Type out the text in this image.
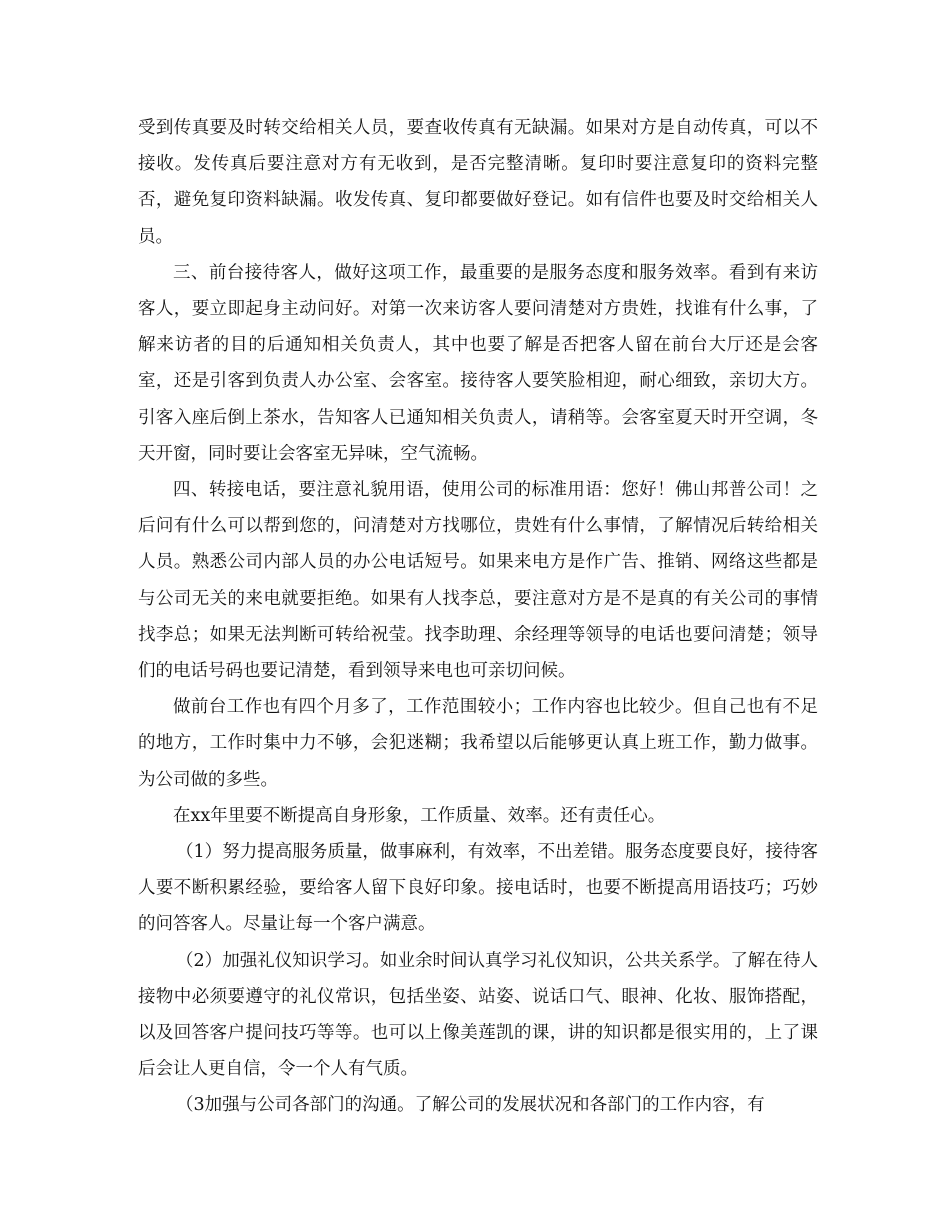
受到传真要及时转交给相关人员，要查收传真有无缺漏。如果对方是自动传真，可以不接收。发传真后要注意对方有无收到，是否完整清晰。复印时要注意复印的资料完整否，避免复印资料缺漏。收发传真、复印都要做好登记。如有信件也要及时交给相关人员。

三、前台接待客人，做好这项工作，最重要的是服务态度和服务效率。看到有来访客人，要立即起身主动问好。对第一次来访客人要问清楚对方贵姓，找谁有什么事，了解来访者的目的后通知相关负责人，其中也要了解是否把客人留在前台大厅还是会客室，还是引客到负责人办公室、会客室。接待客人要笑脸相迎，耐心细致，亲切大方。引客入座后倒上茶水，告知客人已通知相关负责人，请稍等。会客室夏天时开空调，冬天开窗，同时要让会客室无异味，空气流畅。

四、转接电话，要注意礼貌用语，使用公司的标准用语：您好！佛山邦普公司！之后问有什么可以帮到您的，问清楚对方找哪位，贵姓有什么事情，了解情况后转给相关人员。熟悉公司内部人员的办公电话短号。如果来电方是作广告、推销、网络这些都是与公司无关的来电就要拒绝。如果有人找李总，要注意对方是不是真的有关公司的事情找李总；如果无法判断可转给祝莹。找李助理、余经理等领导的电话也要问清楚；领导们的电话号码也要记清楚，看到领导来电也可亲切问候。

做前台工作也有四个月多了，工作范围较小；工作内容也比较少。但自己也有不足的地方，工作时集中力不够，会犯迷糊；我希望以后能够更认真上班工作，勤力做事。为公司做的多些。

在xx年里要不断提高自身形象，工作质量、效率。还有责任心。

（1）努力提高服务质量，做事麻利，有效率，不出差错。服务态度要良好，接待客人要不断积累经验，要给客人留下良好印象。接电话时，也要不断提高用语技巧；巧妙的问答客人。尽量让每一个客户满意。

（2）加强礼仪知识学习。如业余时间认真学习礼仪知识，公共关系学。了解在待人接物中必须要遵守的礼仪常识，包括坐姿、站姿、说话口气、眼神、化妆、服饰搭配，以及回答客户提问技巧等等。也可以上像美莲凯的课，讲的知识都是很实用的，上了课后会让人更自信，令一个人有气质。

（3加强与公司各部门的沟通。了解公司的发展状况和各部门的工作内容，有
